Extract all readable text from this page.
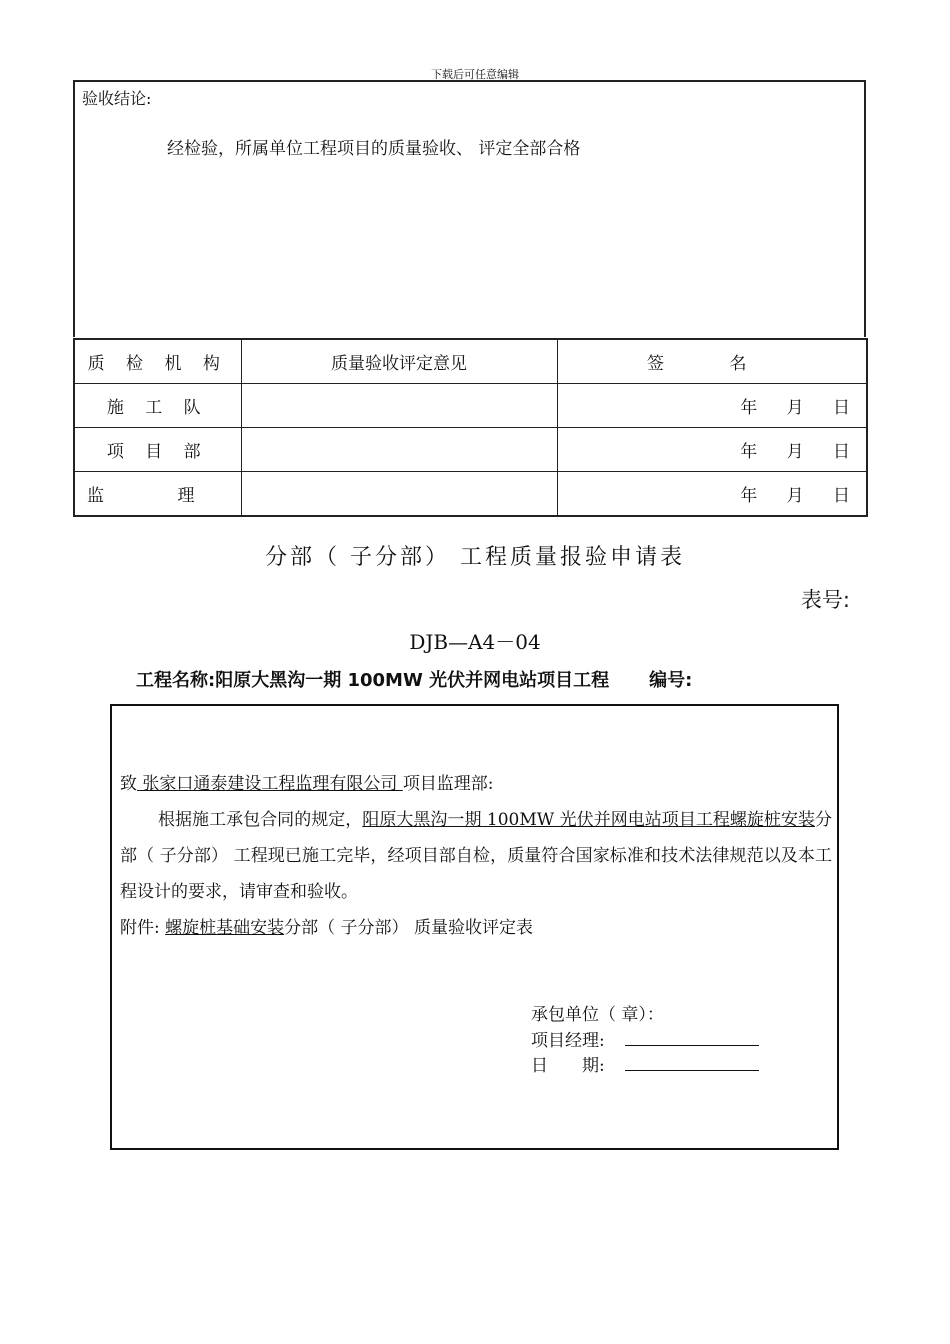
下载后可任意编辑
验收结论:
经检验，所属单位工程项目的质量验收、 评定全部合格
质 检 机 构	质量验收评定意见	签 名
施 工 队		年 月 日
项 目 部		年 月 日
监 理		年 月 日
分部（ 子分部） 工程质量报验申请表
表号:
DJB—A4－04
工程名称:阳原大黑沟一期 100MW 光伏并网电站项目工程 编号:
致 张家口通泰建设工程监理有限公司 项目监理部:
根据施工承包合同的规定，阳原大黑沟一期 100MW 光伏并网电站项目工程螺旋桩安装分部（ 子分部） 工程现已施工完毕，经项目部自检，质量符合国家标准和技术法律规范以及本工程设计的要求，请审查和验收。
附件: 螺旋桩基础安装分部（ 子分部） 质量验收评定表
承包单位（ 章）：
项目经理:
日　　期:
